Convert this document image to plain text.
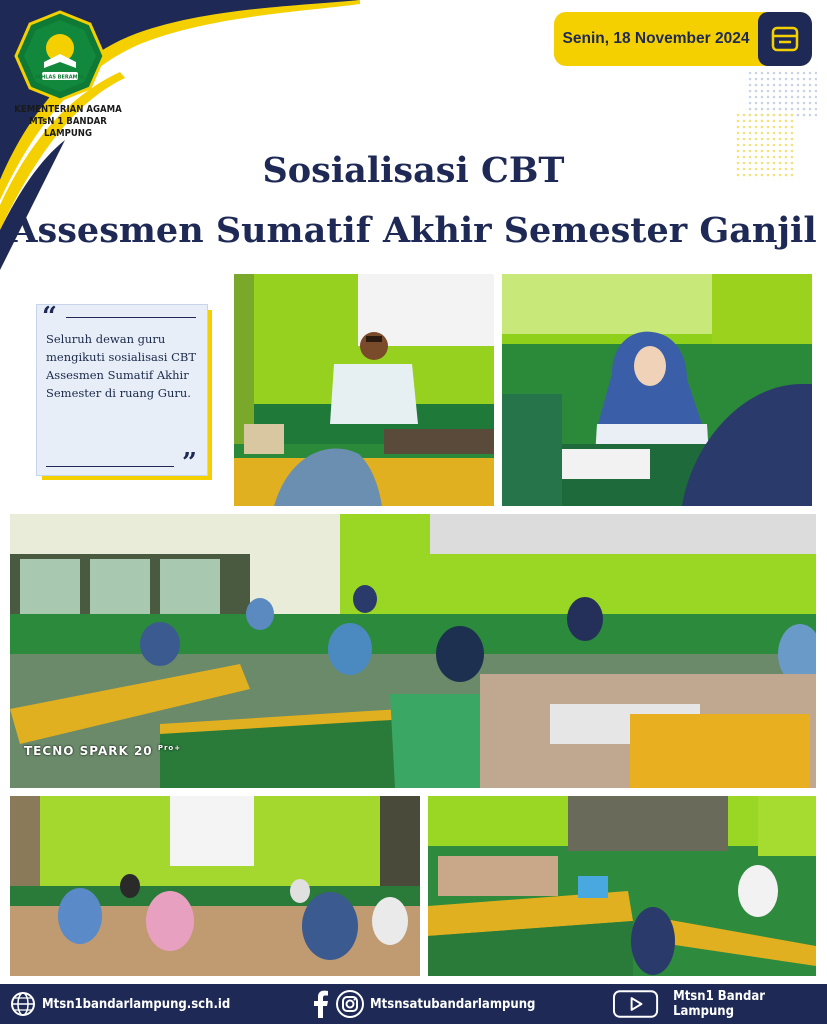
IKHLAS BERAMAL
KEMENTERIAN AGAMA
MTsN 1 BANDAR LAMPUNG
Senin, 18 November 2024
Sosialisasi CBT
Assesmen Sumatif Akhir Semester Ganjil
“
Seluruh dewan guru mengikuti sosialisasi CBT Assesmen Sumatif Akhir Semester di ruang Guru.
”
TECNO SPARK 20 $^{Pro+}$
Mtsn1bandarlampung.sch.id	Mtsnsatubandarlampung	Mtsn1 Bandar Lampung
